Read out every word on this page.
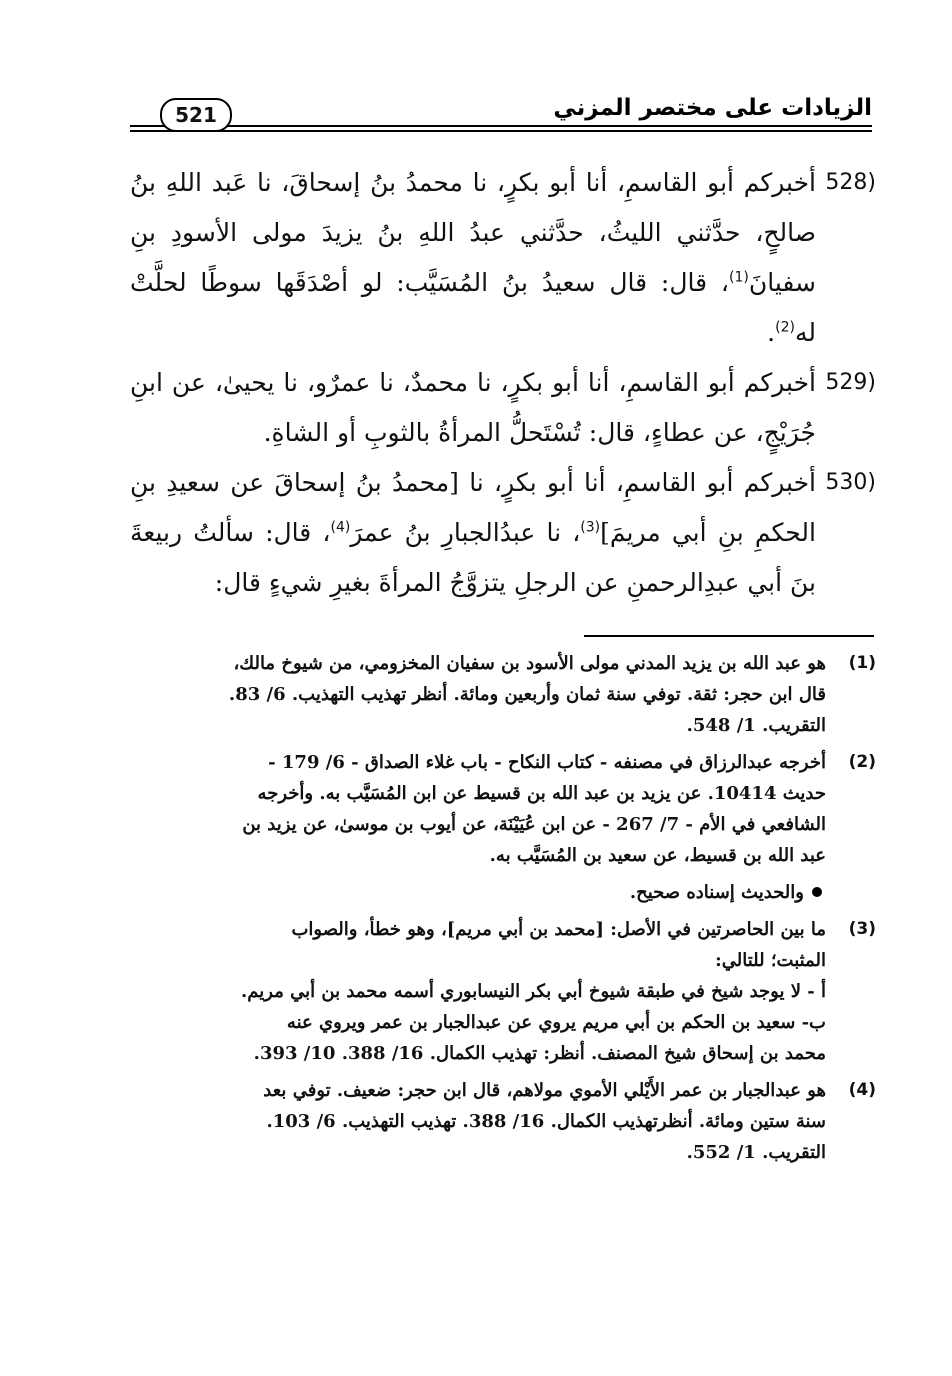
الزيادات على مختصر المزني
521
528)
أخبركم أبو القاسمِ، أنا أبو بكرٍ، نا محمدُ بنُ إسحاقَ، نا عَبد اللهِ بنُ صالحٍ، حدَّثني الليثُ، حدَّثني عبدُ اللهِ بنُ يزيدَ مولى الأسودِ بنِ سفيانَ$^{(1)}$، قال: قال سعيدُ بنُ المُسَيَّب: لو أصْدَقَها سوطًا لحلَّتْ له$^{(2)}$.
529)
أخبركم أبو القاسمِ، أنا أبو بكرٍ، نا محمدٌ، نا عمرٌو، نا يحيىٰ، عن ابنِ جُرَيْجٍ، عن عطاءٍ، قال: تُسْتَحلُّ المرأةُ بالثوبِ أو الشاةِ.
530)
أخبركم أبو القاسمِ، أنا أبو بكرٍ، نا [محمدُ بنُ إسحاقَ عن سعيدِ بنِ الحكمِ بنِ أبي مريمَ]$^{(3)}$، نا عبدُالجبارِ بنُ عمرَ$^{(4)}$، قال: سألتُ ربيعةَ بنَ أبي عبدِالرحمنِ عن الرجلِ يتزوَّجُ المرأةَ بغيرِ شيءٍ قال:
(1)
هو عبد الله بن يزيد المدني مولى الأسود بن سفيان المخزومي، من شيوخ مالك،
قال ابن حجر: ثقة. توفي سنة ثمان وأربعين ومائة. أنظر تهذيب التهذيب. 6/ 83.
التقريب. 1/ 548.
(2)
أخرجه عبدالرزاق في مصنفه - كتاب النكاح - باب غلاء الصداق - 6/ 179 -
حديث 10414. عن يزيد بن عبد الله بن قسيط عن ابن المُسَيَّب به. وأخرجه
الشافعي في الأم - 7/ 267 - عن ابن عُيَيْنَة، عن أيوب بن موسىٰ، عن يزيد بن
عبد الله بن قسيط، عن سعيد بن المُسَيَّب به.
والحديث إسناده صحيح.
(3)
ما بين الحاصرتين في الأصل: [محمد بن أبي مريم]، وهو خطأ، والصواب
المثبت؛ للتالي:
أ - لا يوجد شيخ في طبقة شيوخ أبي بكر النيسابوري أسمه محمد بن أبي مريم.
ب- سعيد بن الحكم بن أبي مريم يروي عن عبدالجبار بن عمر ويروي عنه
محمد بن إسحاق شيخ المصنف. أنظر: تهذيب الكمال. 16/ 388. 10/ 393.
(4)
هو عبدالجبار بن عمر الأَيْلي الأموي مولاهم، قال ابن حجر: ضعيف. توفي بعد
سنة ستين ومائة. أنظرتهذيب الكمال. 16/ 388. تهذيب التهذيب. 6/ 103.
التقريب. 1/ 552.
